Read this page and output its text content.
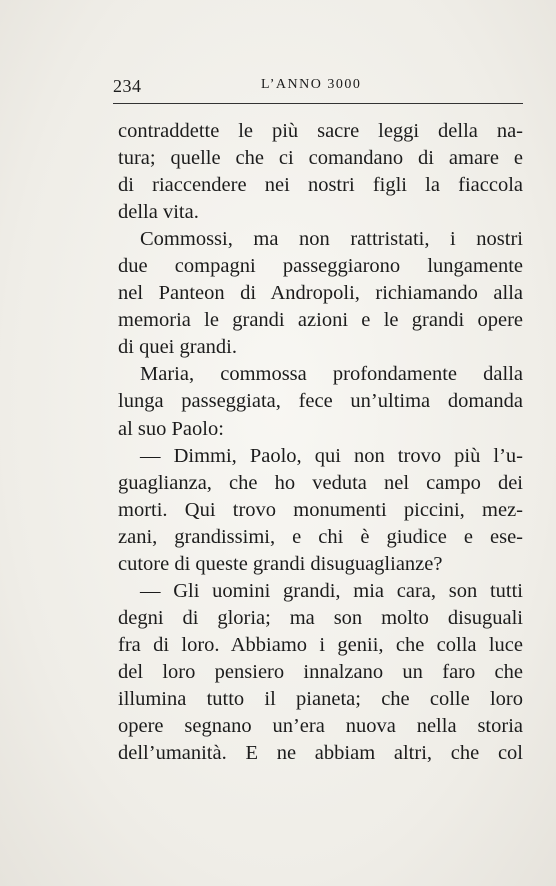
234	L’ANNO 3000
contraddette le più sacre leggi della na-
tura; quelle che ci comandano di amare e
di riaccendere nei nostri figli la fiaccola
della vita.
Commossi, ma non rattristati, i nostri
due compagni passeggiarono lungamente
nel Panteon di Andropoli, richiamando alla
memoria le grandi azioni e le grandi opere
di quei grandi.
Maria, commossa profondamente dalla
lunga passeggiata, fece un’ultima domanda
al suo Paolo:
— Dimmi, Paolo, qui non trovo più l’u-
guaglianza, che ho veduta nel campo dei
morti. Qui trovo monumenti piccini, mez-
zani, grandissimi, e chi è giudice e ese-
cutore di queste grandi disuguaglianze?
— Gli uomini grandi, mia cara, son tutti
degni di gloria; ma son molto disuguali
fra di loro. Abbiamo i genii, che colla luce
del loro pensiero innalzano un faro che
illumina tutto il pianeta; che colle loro
opere segnano un’era nuova nella storia
dell’umanità. E ne abbiam altri, che col
